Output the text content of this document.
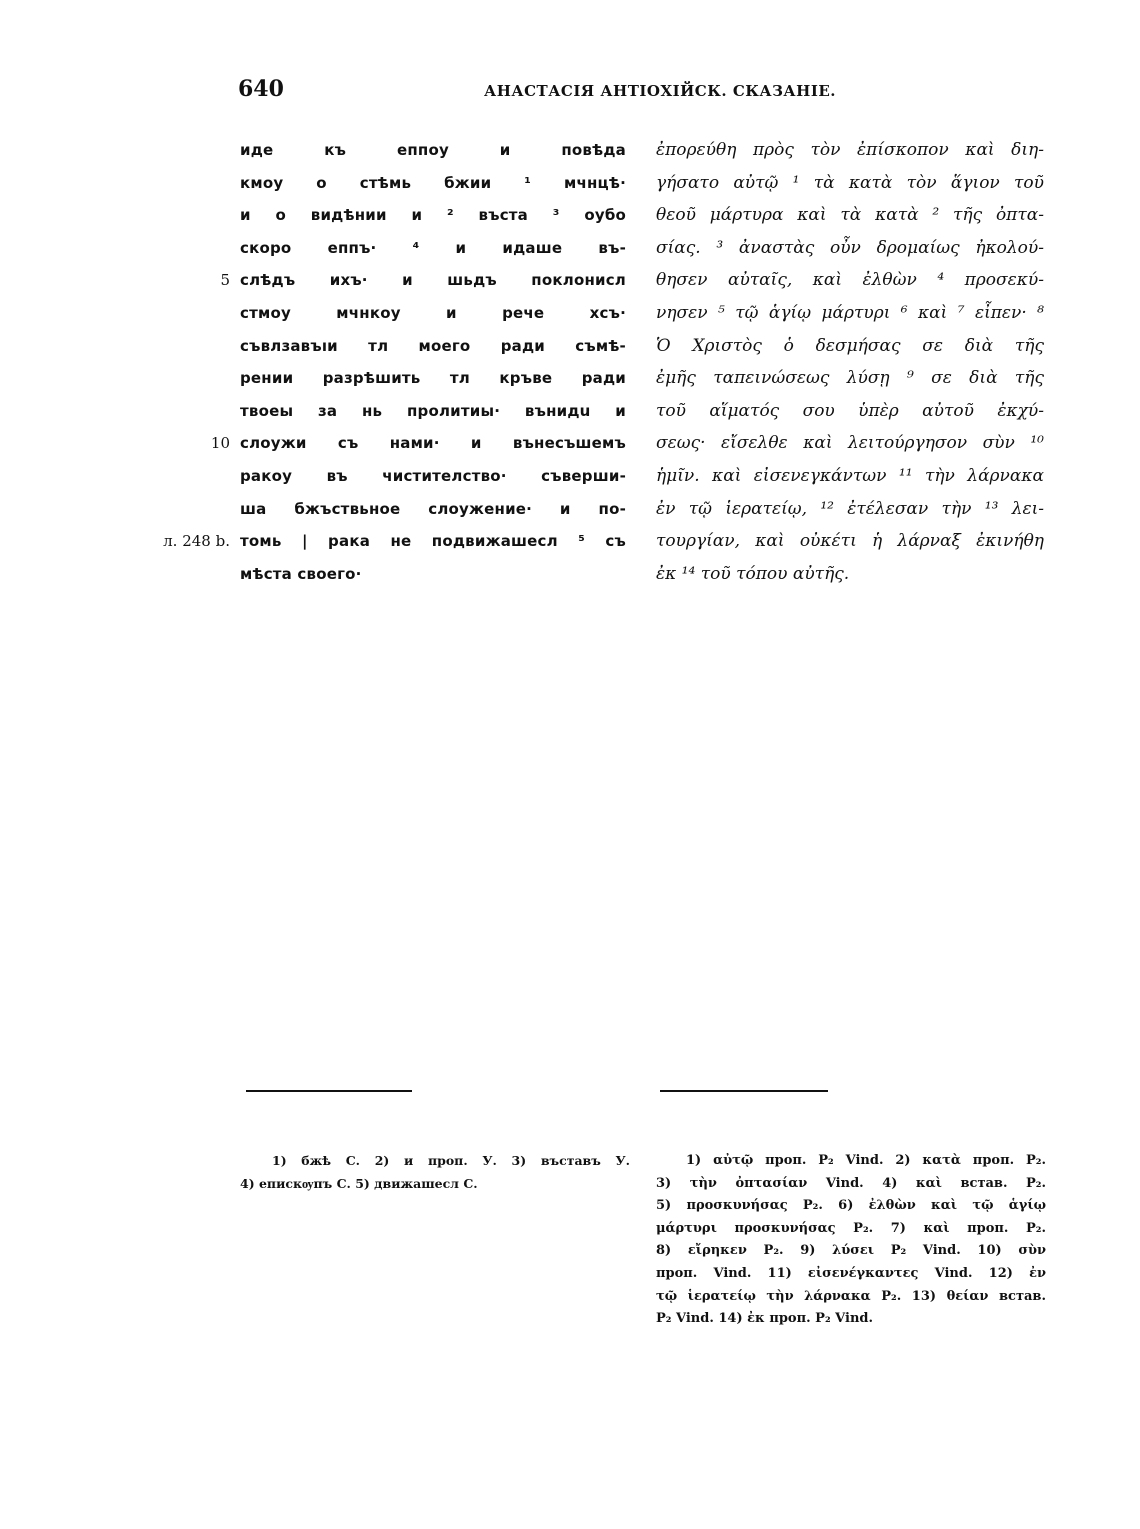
640	АНАСТАСІЯ АНТІОХІЙСК. СКАЗАНІЕ.
5
10
л. 248 b.
иде къ еппоу и повѣда
кмоу о стѣмь бжии ¹ мчнцѣ·
и о видѣнии и ² въста ³ оубо
скоро еппъ· ⁴ и идаше въ-
слѣдъ ихъ· и шьдъ поклонисл
стмоу мчнкоу и рече хсъ·
съвлзавъıи тл моего ради съмѣ-
рении разрѣшить тл кръве ради
твоеы за нь пролитиы· вънидu и
слоужи съ нами· и вънесъшемъ
ракоу въ чистителство· съверши-
ша бжъствьное слоужение· и по-
томь | рака не подвижашесл ⁵ съ
мѣста своего·
ἐπορεύθη πρὸς τὸν ἐπίσκοπον καὶ διη-
γήσατο αὐτῷ ¹ τὰ κατὰ τὸν ἅγιον τοῦ
θεοῦ μάρτυρα καὶ τὰ κατὰ ² τῆς ὀπτα-
σίας. ³ ἀναστὰς οὖν δρομαίως ἠκολού-
θησεν αὐταῖς, καὶ ἐλθὼν ⁴ προσεκύ-
νησεν ⁵ τῷ ἁγίῳ μάρτυρι ⁶ καὶ ⁷ εἶπεν· ⁸
Ὁ Χριστὸς ὁ δεσμήσας σε διὰ τῆς
ἐμῆς ταπεινώσεως λύσῃ ⁹ σε διὰ τῆς
τοῦ αἵματός σου ὑπὲρ αὐτοῦ ἐκχύ-
σεως· εἴσελθε καὶ λειτούργησον σὺν ¹⁰
ἡμῖν. καὶ εἰσενεγκάντων ¹¹ τὴν λάρνακα
ἐν τῷ ἱερατείῳ, ¹² ἐτέλεσαν τὴν ¹³ λει-
τουργίαν, καὶ οὐκέτι ἡ λάρναξ ἐκινήθη
ἐκ ¹⁴ τοῦ τόπου αὐτῆς.
1) бжѣ С. 2) и проп. У. 3) въставъ У.
4) епискѹпъ С. 5) движашесл С.
1) αὐτῷ проп. P₂ Vind. 2) κατὰ проп. P₂.
3) τὴν ὀπτασίαν Vind. 4) καὶ встав. P₂.
5) προσκυνήσας P₂. 6) ἐλθὼν καὶ τῷ ἁγίῳ
μάρτυρι προσκυνήσας P₂. 7) καὶ проп. P₂.
8) εἴρηκεν P₂. 9) λύσει P₂ Vind. 10) σὺν
проп. Vind. 11) εἰσενέγκαντες Vind. 12) ἐν
τῷ ἱερατείῳ τὴν λάρνακα P₂. 13) θείαν встав.
P₂ Vind. 14) ἐκ проп. P₂ Vind.
